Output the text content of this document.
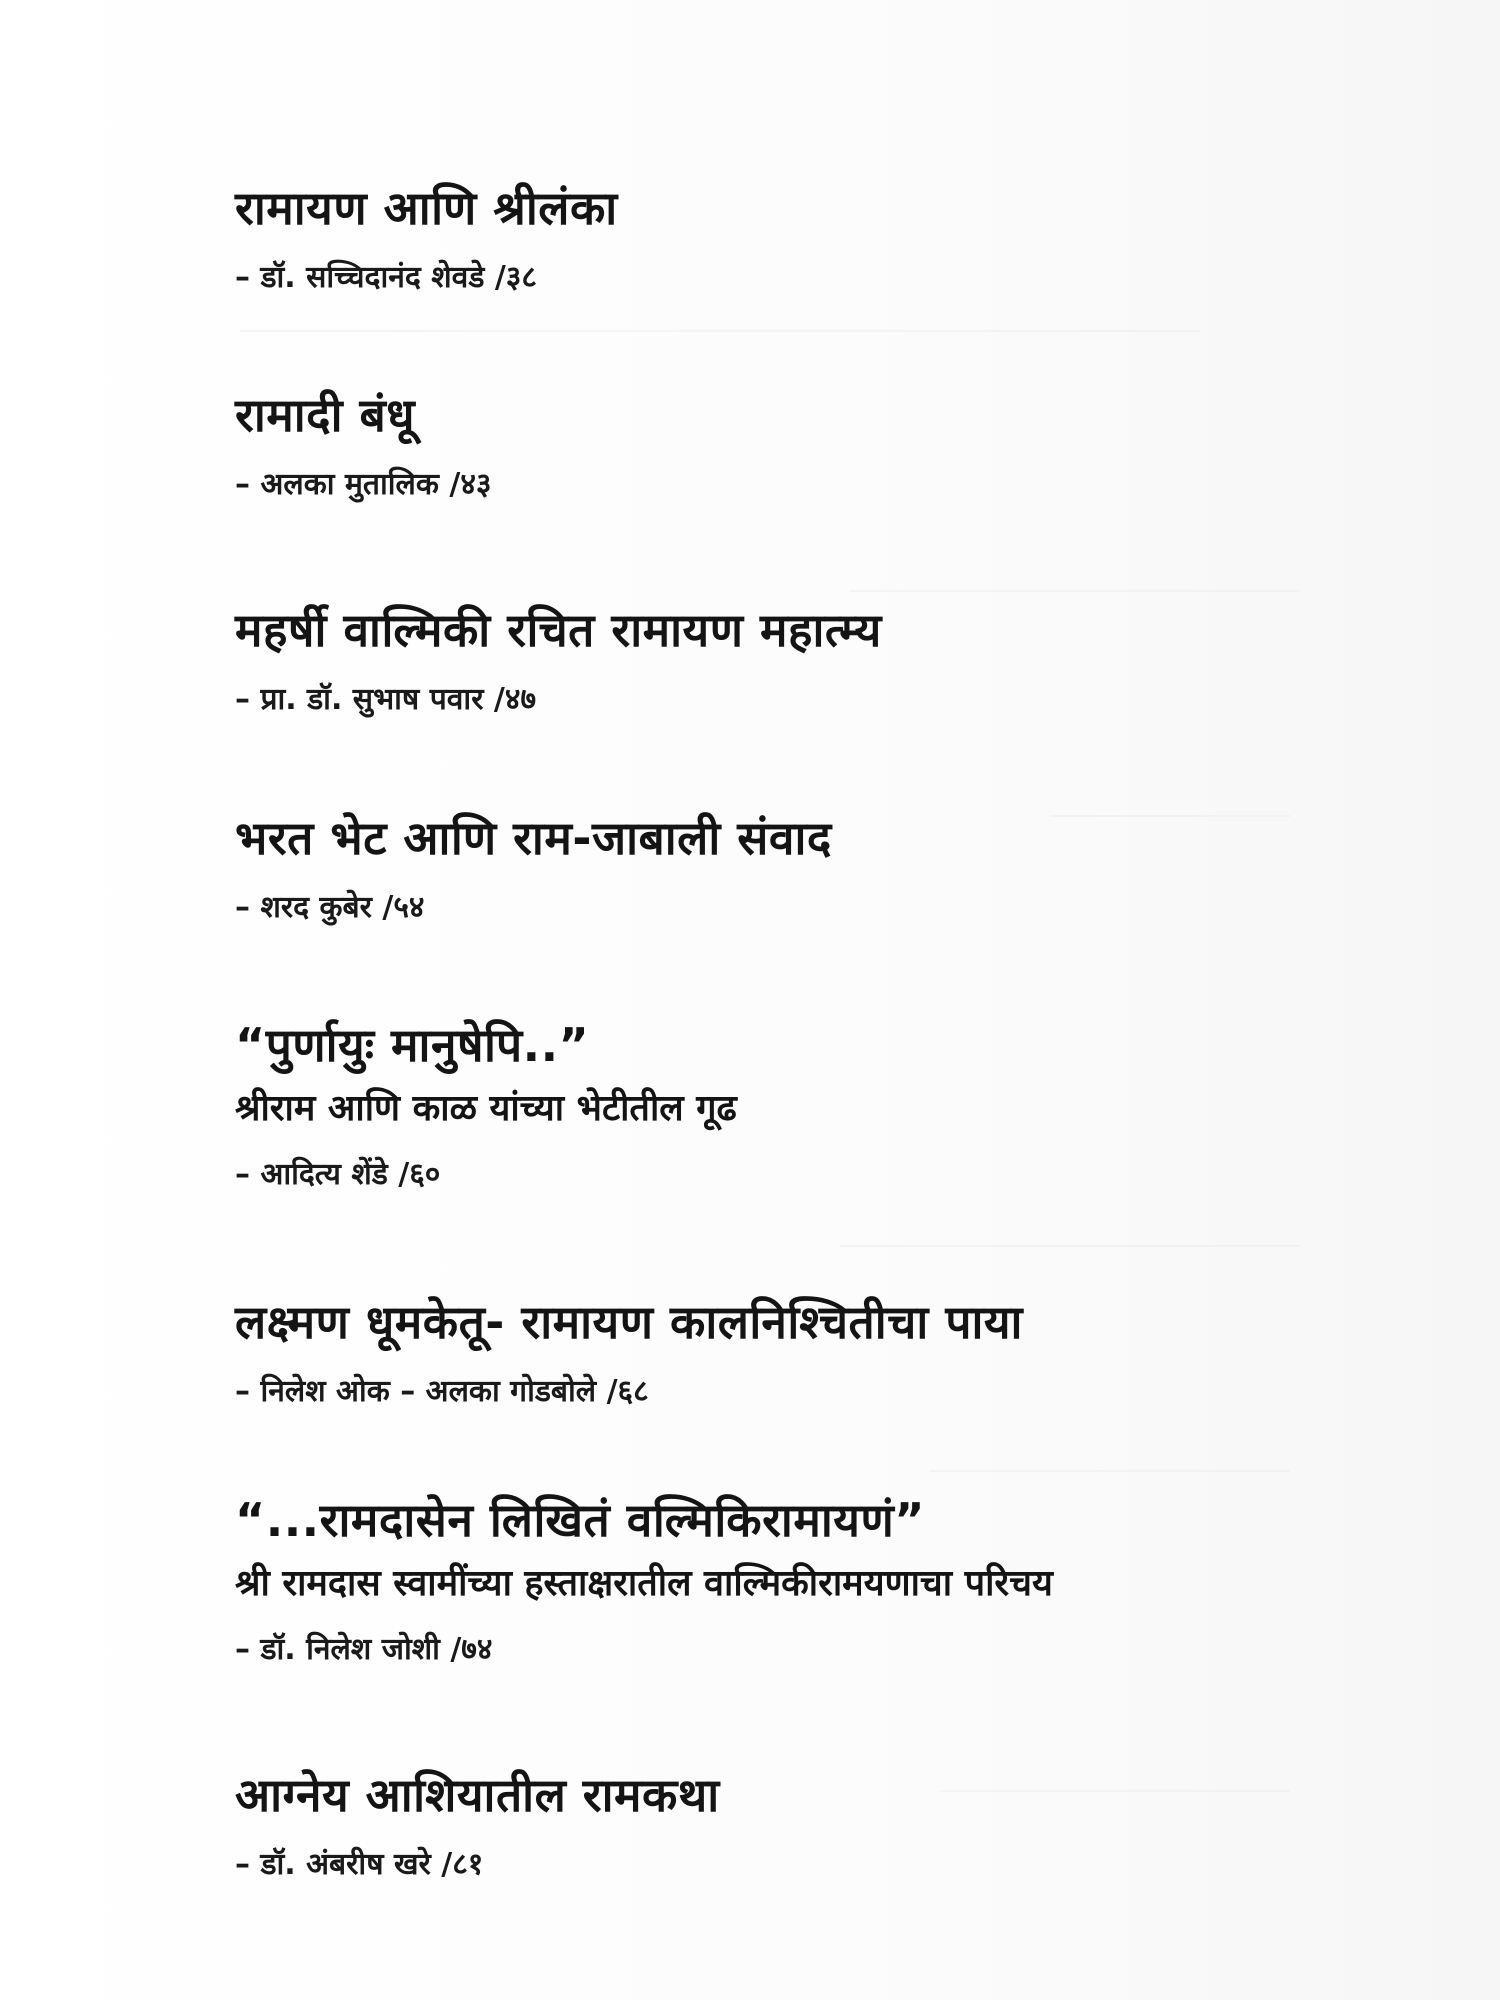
रामायण आणि श्रीलंका
– डॉ. सच्चिदानंद शेवडे /३८
रामादी बंधू
– अलका मुतालिक /४३
महर्षी वाल्मिकी रचित रामायण महात्म्य
– प्रा. डॉ. सुभाष पवार /४७
भरत भेट आणि राम-जाबाली संवाद
– शरद कुबेर /५४
“पुर्णायुः मानुषेपि..”
श्रीराम आणि काळ यांच्या भेटीतील गूढ
– आदित्य शेंडे /६०
लक्ष्मण धूमकेतू- रामायण कालनिश्चितीचा पाया
– निलेश ओक – अलका गोडबोले /६८
“...रामदासेन लिखितं वल्मिकिरामायणं”
श्री रामदास स्वामींच्या हस्ताक्षरातील वाल्मिकीरामयणाचा परिचय
– डॉ. निलेश जोशी /७४
आग्नेय आशियातील रामकथा
– डॉ. अंबरीष खरे /८१
